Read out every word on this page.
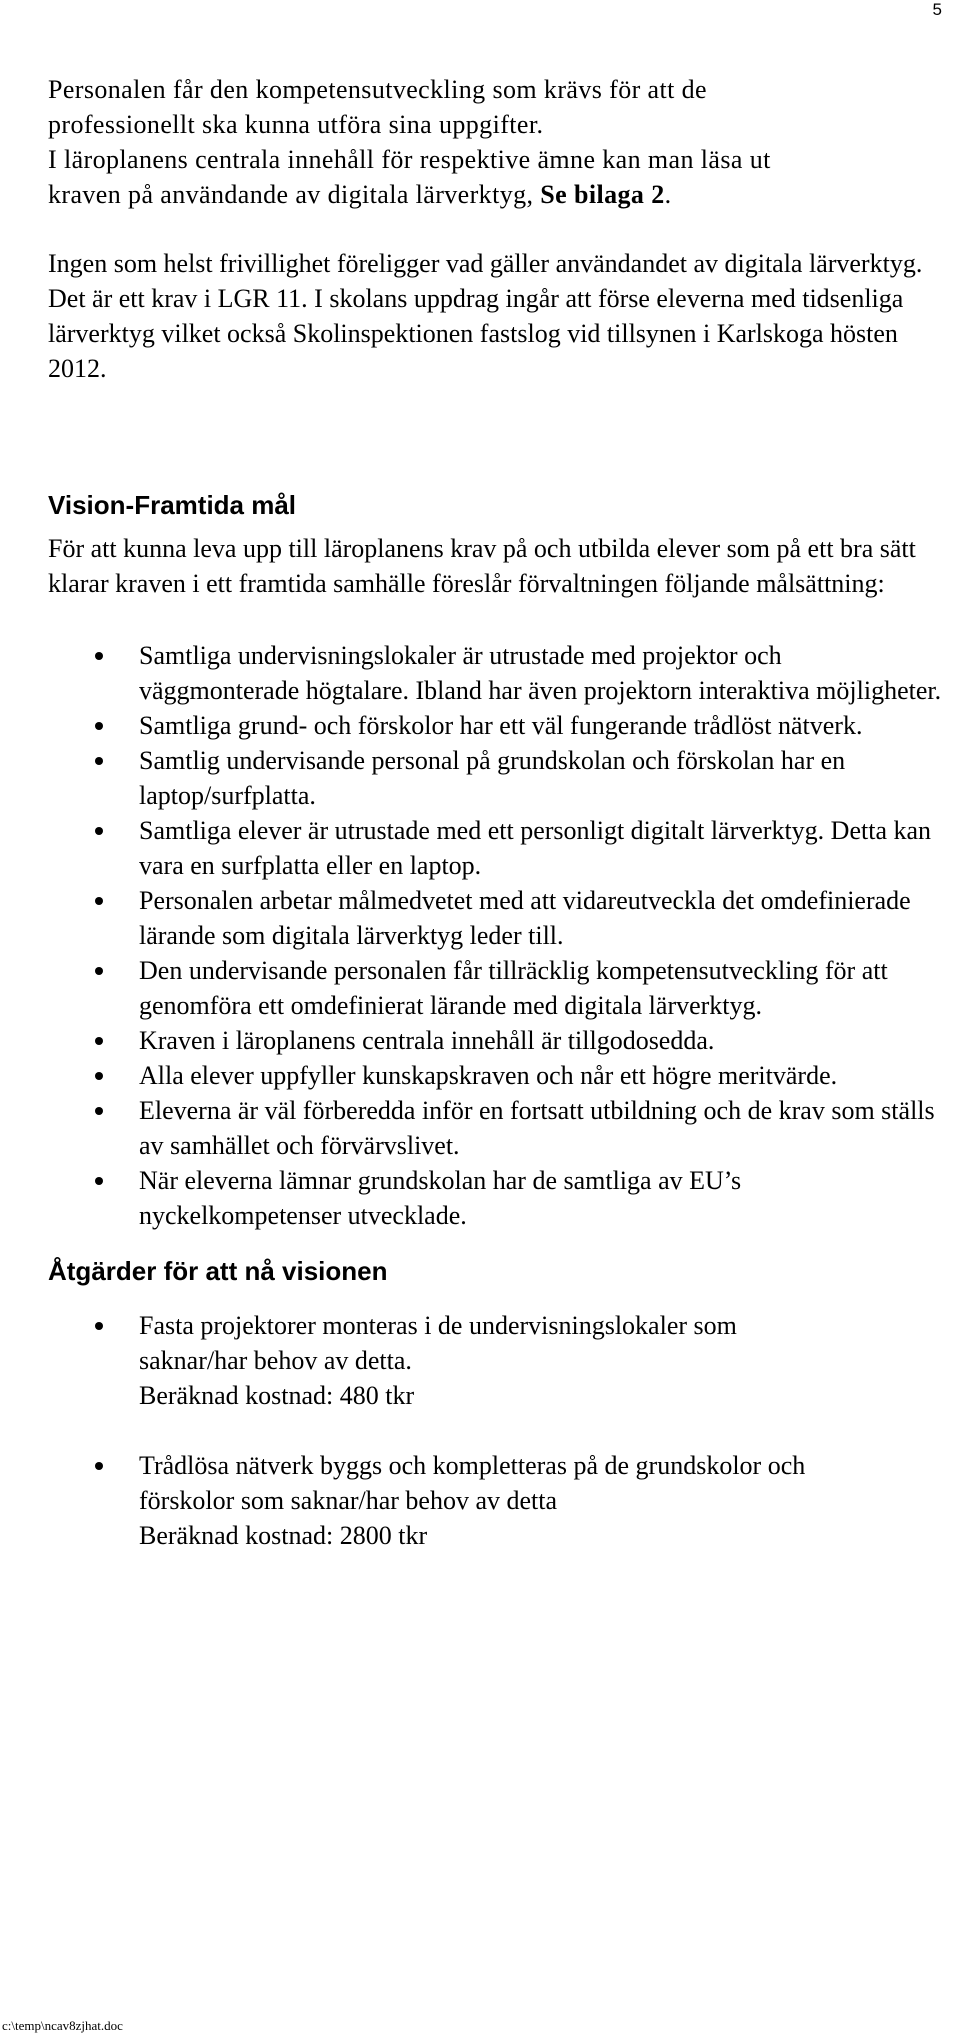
5

Personalen får den kompetensutveckling som krävs för att de
professionellt ska kunna utföra sina uppgifter.
I läroplanens centrala innehåll för respektive ämne kan man läsa ut
kraven på användande av digitala lärverktyg, Se bilaga 2.

Ingen som helst frivillighet föreligger vad gäller användandet av digitala lärverktyg. Det är ett krav i LGR 11. I skolans uppdrag ingår att förse eleverna med tidsenliga lärverktyg vilket också Skolinspektionen fastslog vid tillsynen i Karlskoga hösten 2012.

Vision-Framtida mål

För att kunna leva upp till läroplanens krav på och utbilda elever som på ett bra sätt klarar kraven i ett framtida samhälle föreslår förvaltningen följande målsättning:

Samtliga undervisningslokaler är utrustade med projektor och väggmonterade högtalare. Ibland har även projektorn interaktiva möjligheter.
Samtliga grund- och förskolor har ett väl fungerande trådlöst nätverk.
Samtlig undervisande personal på grundskolan och förskolan har en laptop/surfplatta.
Samtliga elever är utrustade med ett personligt digitalt lärverktyg. Detta kan vara en surfplatta eller en laptop.
Personalen arbetar målmedvetet med att vidareutveckla det omdefinierade lärande som digitala lärverktyg leder till.
Den undervisande personalen får tillräcklig kompetensutveckling för att genomföra ett omdefinierat lärande med digitala lärverktyg.
Kraven i läroplanens centrala innehåll är tillgodosedda.
Alla elever uppfyller kunskapskraven och når ett högre meritvärde.
Eleverna är väl förberedda inför en fortsatt utbildning och de krav som ställs av samhället och förvärvslivet.
När eleverna lämnar grundskolan har de samtliga av EU’s nyckelkompetenser utvecklade.
Åtgärder för att nå visionen
Fasta projektorer monteras i de undervisningslokaler som
saknar/har behov av detta.
Beräknad kostnad: 480 tkr
Trådlösa nätverk byggs och kompletteras på de grundskolor och
förskolor som saknar/har behov av detta
Beräknad kostnad: 2800 tkr
c:\temp\ncav8zjhat.doc
